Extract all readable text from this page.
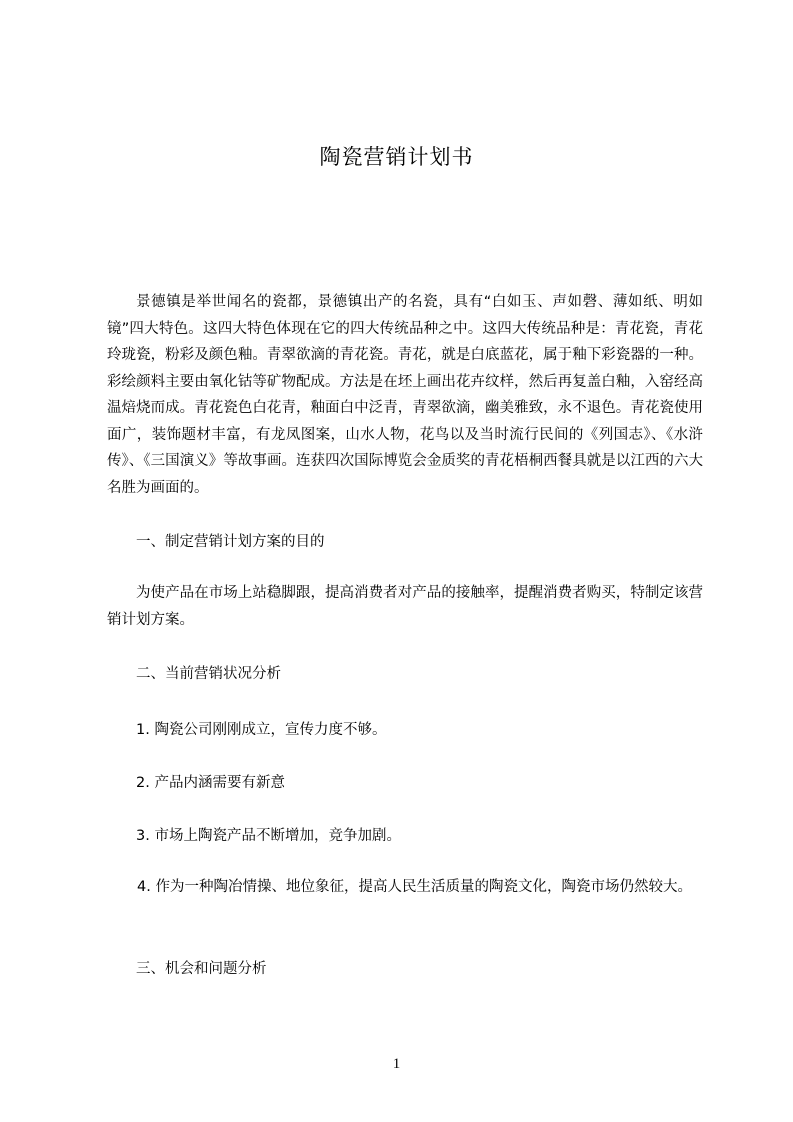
陶瓷营销计划书

景德镇是举世闻名的瓷都，景德镇出产的名瓷，具有“白如玉、声如磬、薄如纸、明如镜”四大特色。这四大特色体现在它的四大传统品种之中。这四大传统品种是：青花瓷，青花玲珑瓷，粉彩及颜色釉。青翠欲滴的青花瓷。青花，就是白底蓝花，属于釉下彩瓷器的一种。彩绘颜料主要由氧化钴等矿物配成。方法是在坯上画出花卉纹样，然后再复盖白釉，入窑经高温焙烧而成。青花瓷色白花青，釉面白中泛青，青翠欲滴，幽美雅致，永不退色。青花瓷使用面广，装饰题材丰富，有龙凤图案，山水人物，花鸟以及当时流行民间的《列国志》、《水浒传》、《三国演义》等故事画。连获四次国际博览会金质奖的青花梧桐西餐具就是以江西的六大名胜为画面的。

一、制定营销计划方案的目的

为使产品在市场上站稳脚跟，提高消费者对产品的接触率，提醒消费者购买，特制定该营销计划方案。

二、当前营销状况分析

1. 陶瓷公司刚刚成立，宣传力度不够。

2. 产品内涵需要有新意

3. 市场上陶瓷产品不断增加，竞争加剧。

4. 作为一种陶冶情操、地位象征，提高人民生活质量的陶瓷文化，陶瓷市场仍然较大。

三、机会和问题分析

1
